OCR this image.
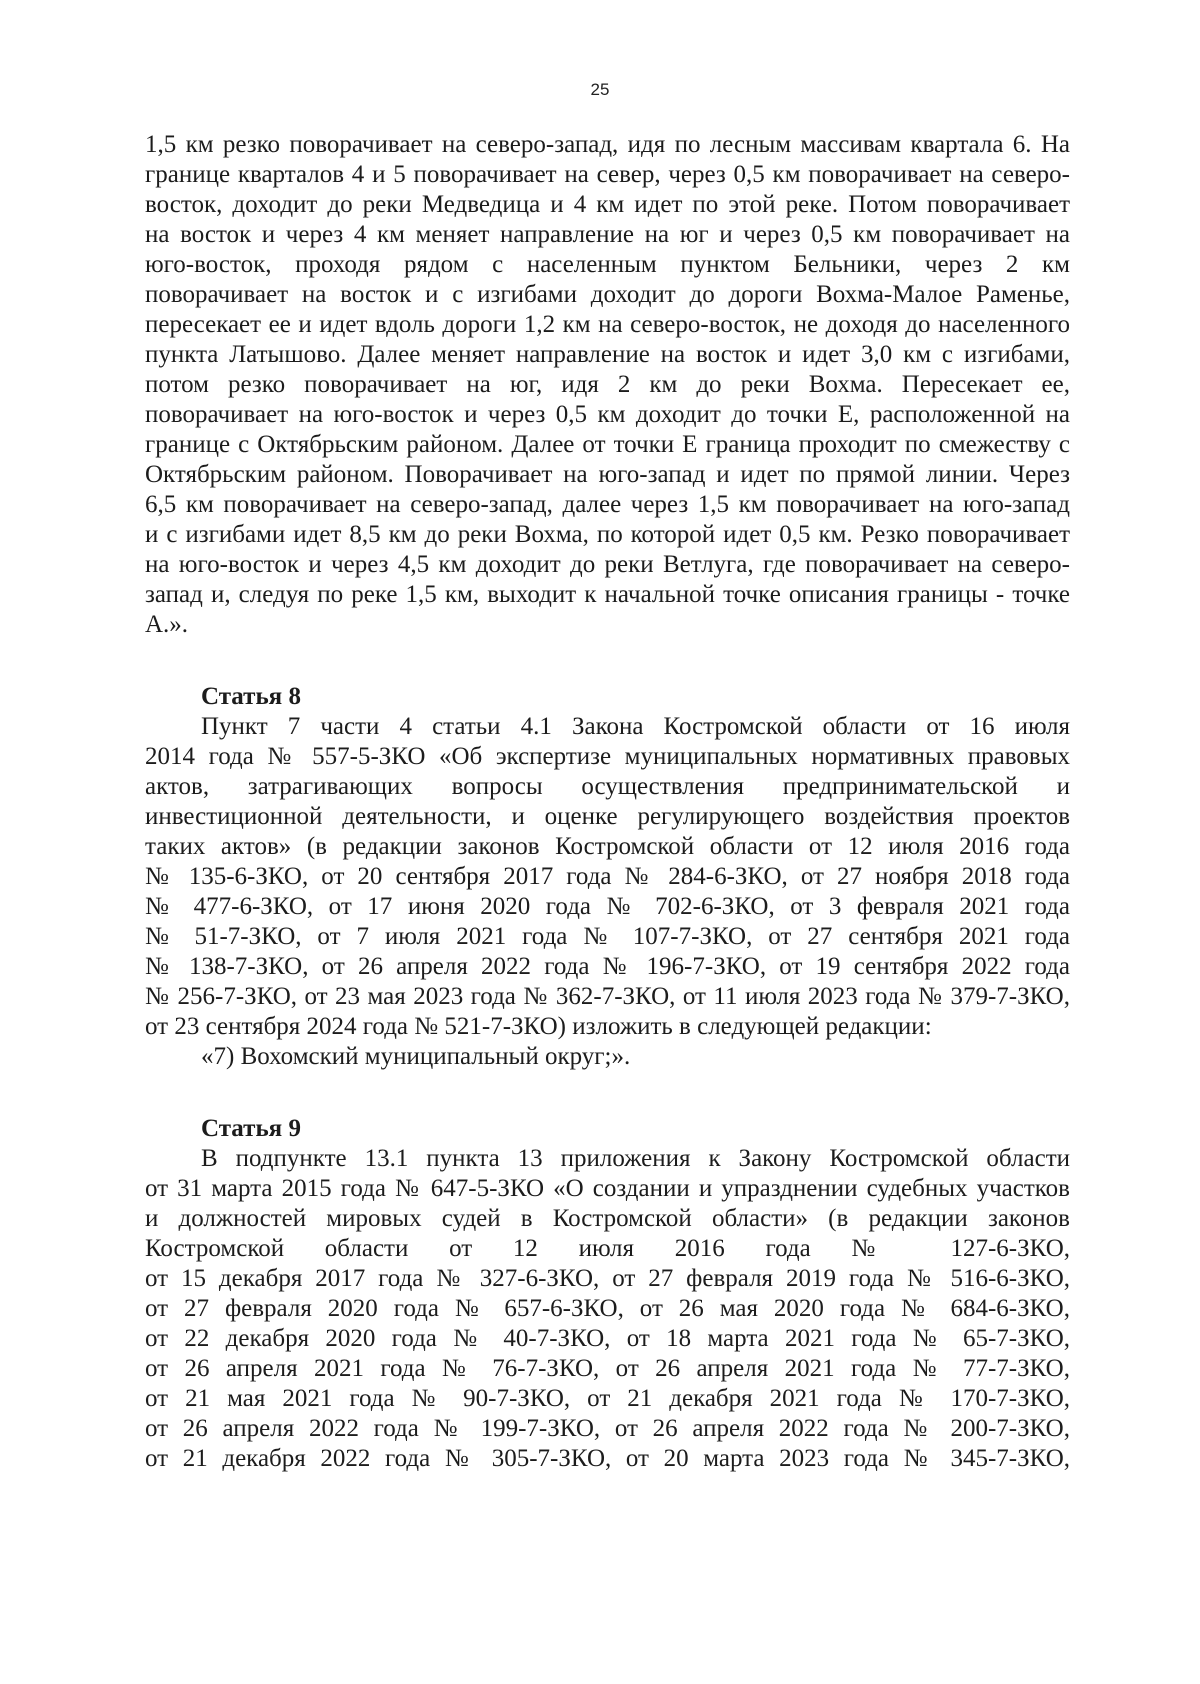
25
1,5 км резко поворачивает на северо-запад, идя по лесным массивам квартала 6. На
границе кварталов 4 и 5 поворачивает на север, через 0,5 км поворачивает на северо-
восток, доходит до реки Медведица и 4 км идет по этой реке. Потом поворачивает
на восток и через 4 км меняет направление на юг и через 0,5 км поворачивает на
юго-восток, проходя рядом с населенным пунктом Бельники, через 2 км
поворачивает на восток и с изгибами доходит до дороги Вохма-Малое Раменье,
пересекает ее и идет вдоль дороги 1,2 км на северо-восток, не доходя до населенного
пункта Латышово. Далее меняет направление на восток и идет 3,0 км с изгибами,
потом резко поворачивает на юг, идя 2 км до реки Вохма. Пересекает ее,
поворачивает на юго-восток и через 0,5 км доходит до точки Е, расположенной на
границе с Октябрьским районом. Далее от точки Е граница проходит по смежеству с
Октябрьским районом. Поворачивает на юго-запад и идет по прямой линии. Через
6,5 км поворачивает на северо-запад, далее через 1,5 км поворачивает на юго-запад
и с изгибами идет 8,5 км до реки Вохма, по которой идет 0,5 км. Резко поворачивает
на юго-восток и через 4,5 км доходит до реки Ветлуга, где поворачивает на северо-
запад и, следуя по реке 1,5 км, выходит к начальной точке описания границы - точке
А.».
Статья 8
Пункт 7 части 4 статьи 4.1 Закона Костромской области от 16 июля
2014 года № 557-5-ЗКО «Об экспертизе муниципальных нормативных правовых
актов, затрагивающих вопросы осуществления предпринимательской и
инвестиционной деятельности, и оценке регулирующего воздействия проектов
таких актов» (в редакции законов Костромской области от 12 июля 2016 года
№ 135-6-ЗКО, от 20 сентября 2017 года № 284-6-ЗКО, от 27 ноября 2018 года
№ 477-6-ЗКО, от 17 июня 2020 года № 702-6-ЗКО, от 3 февраля 2021 года
№ 51-7-ЗКО, от 7 июля 2021 года № 107-7-ЗКО, от 27 сентября 2021 года
№ 138-7-ЗКО, от 26 апреля 2022 года № 196-7-ЗКО, от 19 сентября 2022 года
№ 256-7-ЗКО, от 23 мая 2023 года № 362-7-ЗКО, от 11 июля 2023 года № 379-7-ЗКО,
от 23 сентября 2024 года № 521-7-ЗКО) изложить в следующей редакции:
«7) Вохомский муниципальный округ;».
Статья 9
В подпункте 13.1 пункта 13 приложения к Закону Костромской области
от 31 марта 2015 года № 647-5-ЗКО «О создании и упразднении судебных участков
и должностей мировых судей в Костромской области» (в редакции законов
Костромской области от 12 июля 2016 года № 127-6-ЗКО,
от 15 декабря 2017 года № 327-6-ЗКО, от 27 февраля 2019 года № 516-6-ЗКО,
от 27 февраля 2020 года № 657-6-ЗКО, от 26 мая 2020 года № 684-6-ЗКО,
от 22 декабря 2020 года № 40-7-ЗКО, от 18 марта 2021 года № 65-7-ЗКО,
от 26 апреля 2021 года № 76-7-ЗКО, от 26 апреля 2021 года № 77-7-ЗКО,
от 21 мая 2021 года № 90-7-ЗКО, от 21 декабря 2021 года № 170-7-ЗКО,
от 26 апреля 2022 года № 199-7-ЗКО, от 26 апреля 2022 года № 200-7-ЗКО,
от 21 декабря 2022 года № 305-7-ЗКО, от 20 марта 2023 года № 345-7-ЗКО,
